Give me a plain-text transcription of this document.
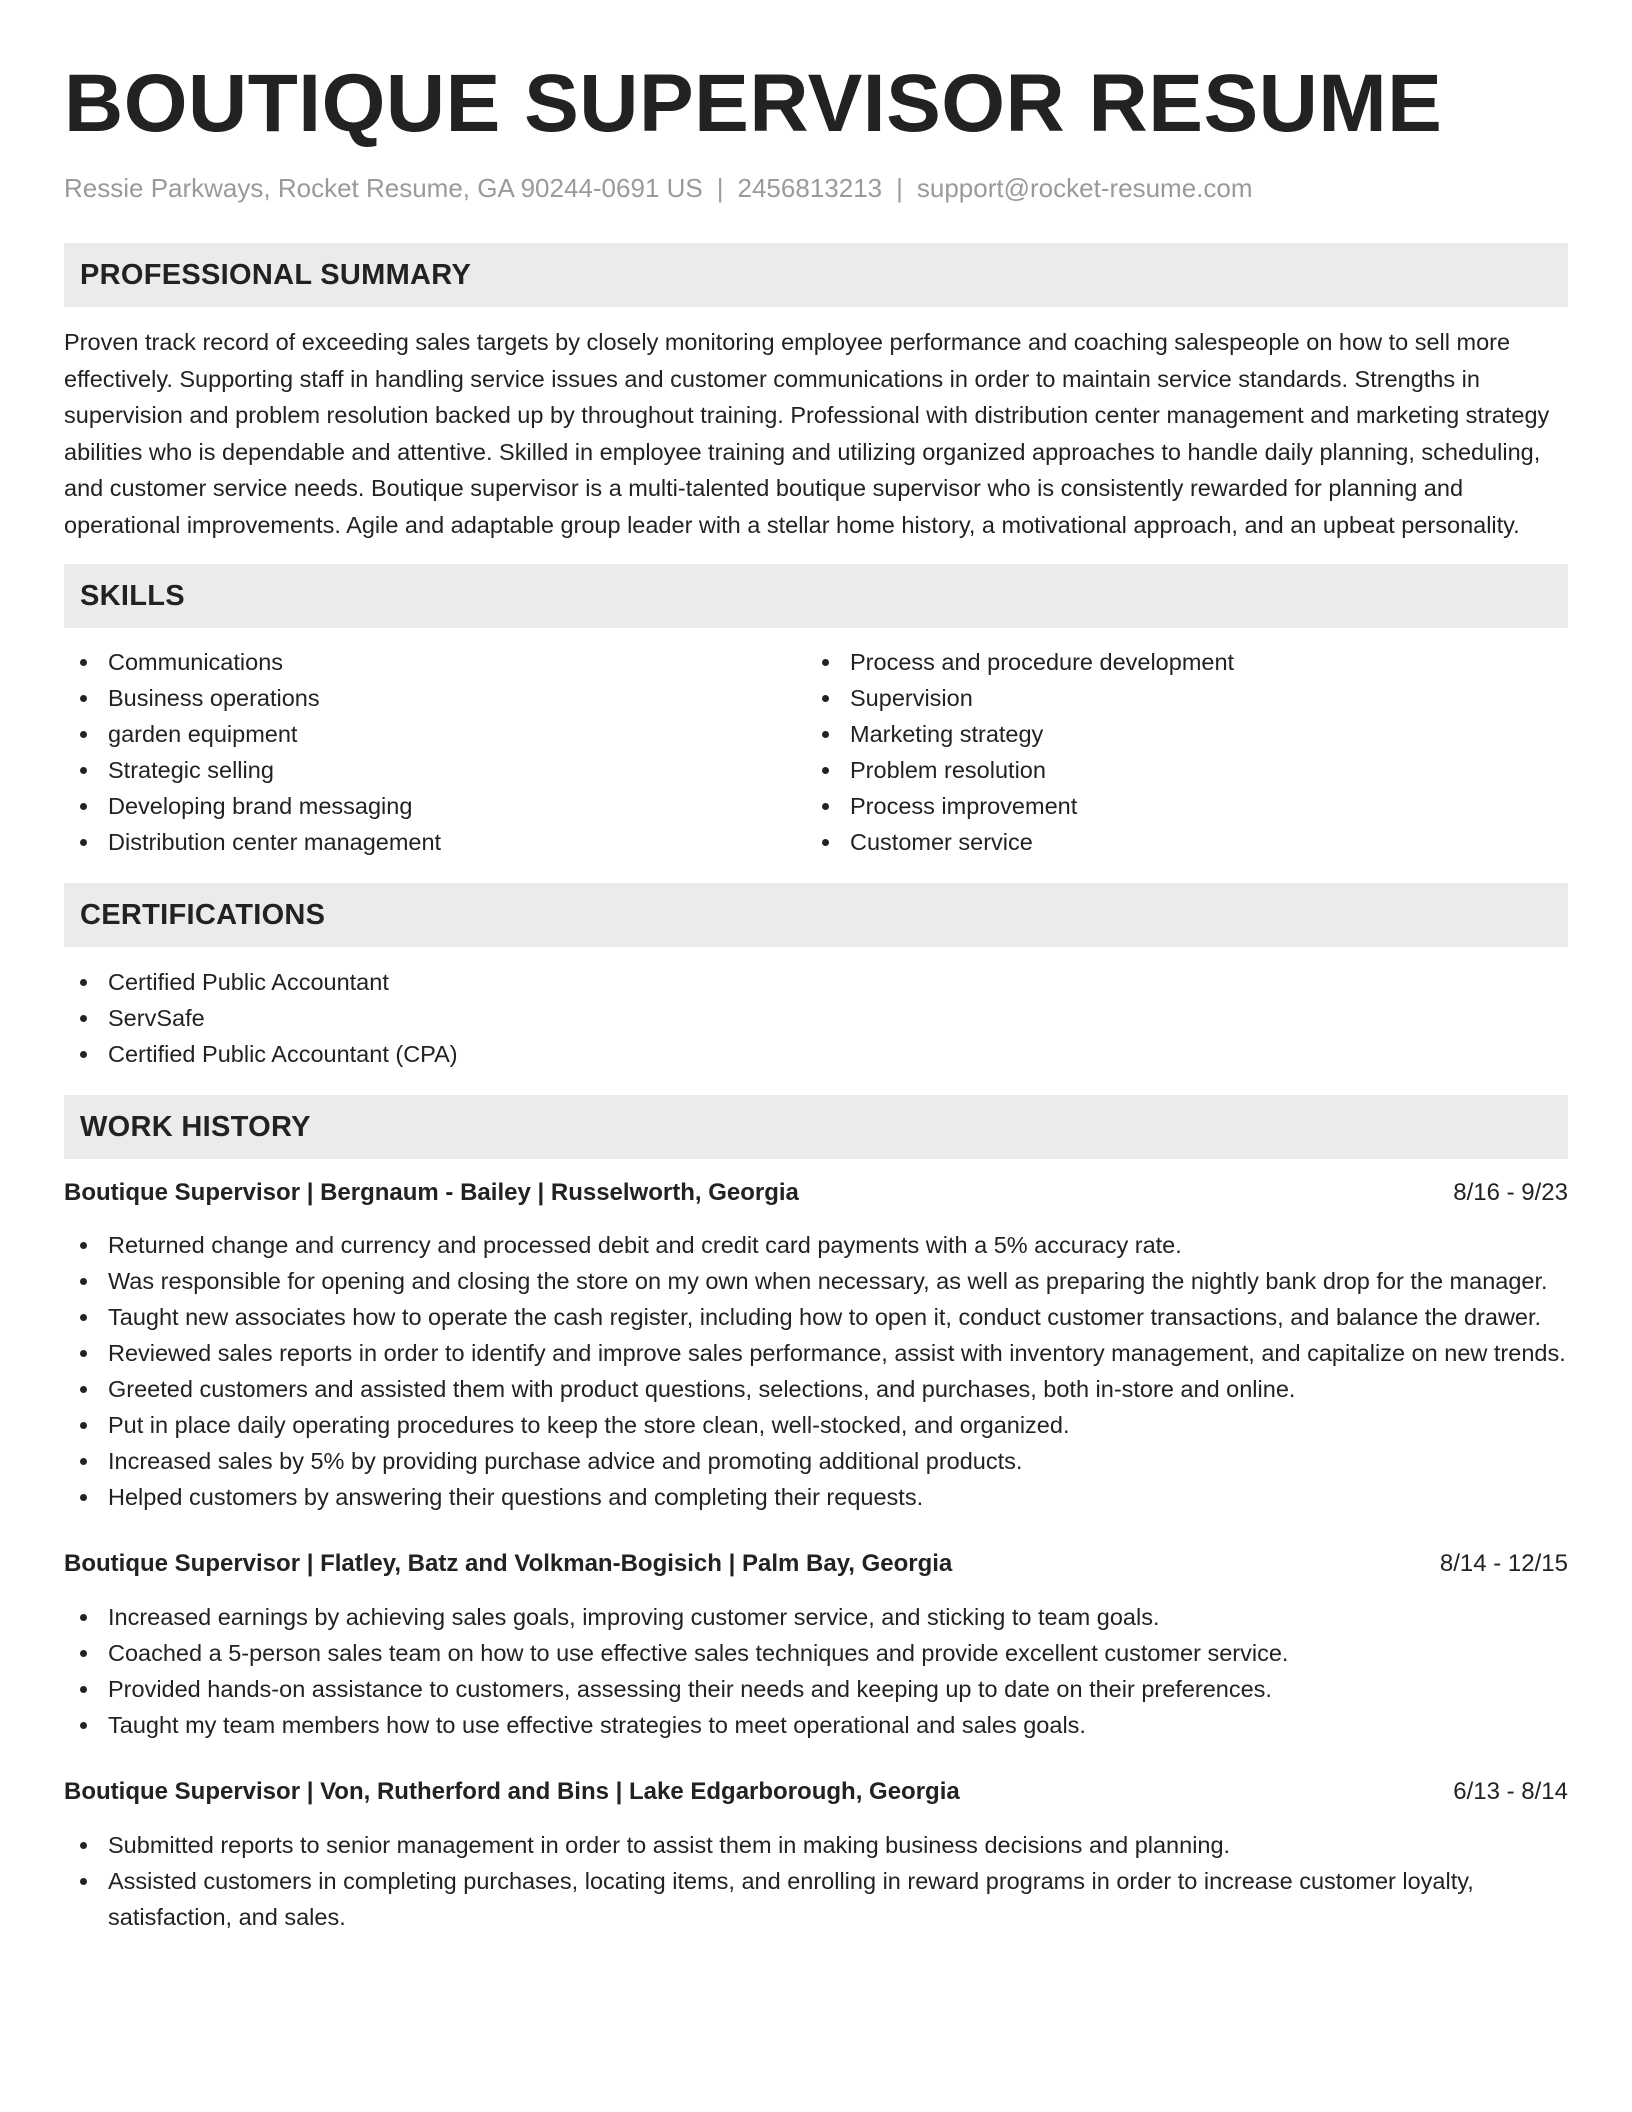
BOUTIQUE SUPERVISOR RESUME
Ressie Parkways, Rocket Resume, GA 90244-0691 US | 2456813213 | support@rocket-resume.com
PROFESSIONAL SUMMARY

Proven track record of exceeding sales targets by closely monitoring employee performance and coaching salespeople on how to sell more effectively. Supporting staff in handling service issues and customer communications in order to maintain service standards. Strengths in supervision and problem resolution backed up by throughout training. Professional with distribution center management and marketing strategy abilities who is dependable and attentive. Skilled in employee training and utilizing organized approaches to handle daily planning, scheduling, and customer service needs. Boutique supervisor is a multi-talented boutique supervisor who is consistently rewarded for planning and operational improvements. Agile and adaptable group leader with a stellar home history, a motivational approach, and an upbeat personality.

SKILLS
Communications
Business operations
garden equipment
Strategic selling
Developing brand messaging
Distribution center management
Process and procedure development
Supervision
Marketing strategy
Problem resolution
Process improvement
Customer service
CERTIFICATIONS
Certified Public Accountant
ServSafe
Certified Public Accountant (CPA)
WORK HISTORY
Boutique Supervisor | Bergnaum - Bailey | Russelworth, Georgia	8/16 - 9/23
Returned change and currency and processed debit and credit card payments with a 5% accuracy rate.
Was responsible for opening and closing the store on my own when necessary, as well as preparing the nightly bank drop for the manager.
Taught new associates how to operate the cash register, including how to open it, conduct customer transactions, and balance the drawer.
Reviewed sales reports in order to identify and improve sales performance, assist with inventory management, and capitalize on new trends.
Greeted customers and assisted them with product questions, selections, and purchases, both in-store and online.
Put in place daily operating procedures to keep the store clean, well-stocked, and organized.
Increased sales by 5% by providing purchase advice and promoting additional products.
Helped customers by answering their questions and completing their requests.
Boutique Supervisor | Flatley, Batz and Volkman-Bogisich | Palm Bay, Georgia	8/14 - 12/15
Increased earnings by achieving sales goals, improving customer service, and sticking to team goals.
Coached a 5-person sales team on how to use effective sales techniques and provide excellent customer service.
Provided hands-on assistance to customers, assessing their needs and keeping up to date on their preferences.
Taught my team members how to use effective strategies to meet operational and sales goals.
Boutique Supervisor | Von, Rutherford and Bins | Lake Edgarborough, Georgia	6/13 - 8/14
Submitted reports to senior management in order to assist them in making business decisions and planning.
Assisted customers in completing purchases, locating items, and enrolling in reward programs in order to increase customer loyalty, satisfaction, and sales.
